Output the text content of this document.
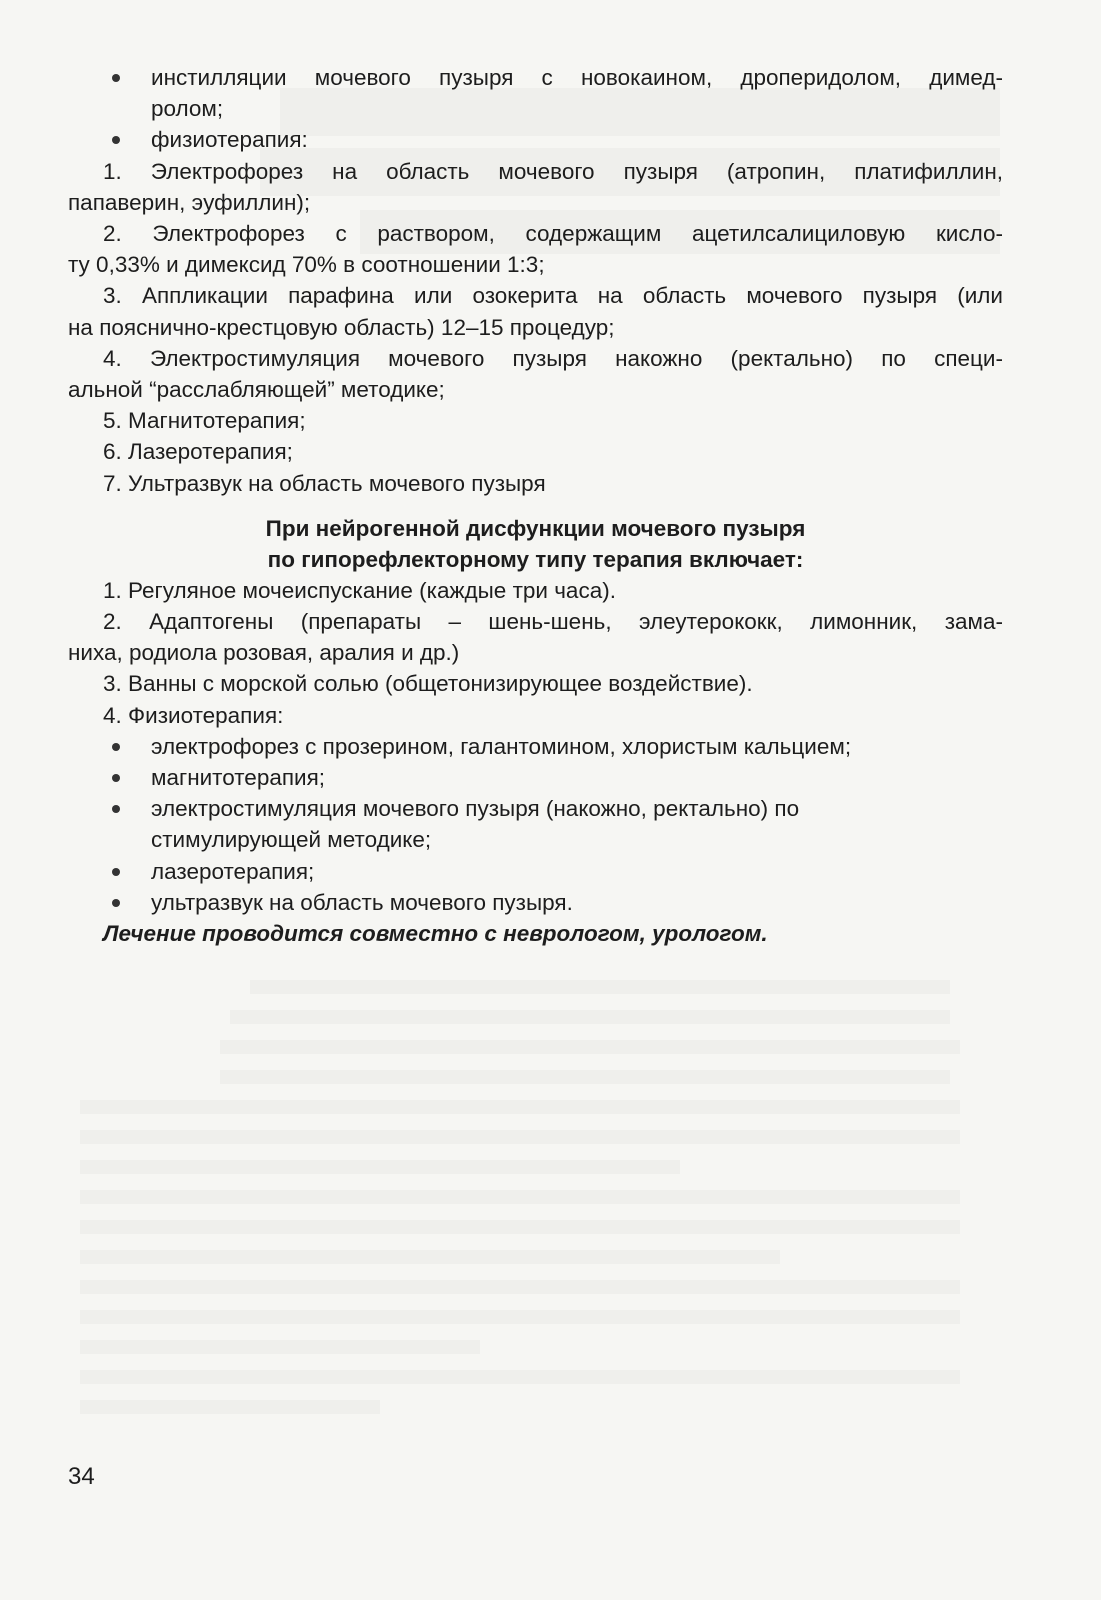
инстилляции мочевого пузыря с новокаином, дроперидолом, димед-
ролом;
физиотерапия:
1. Электрофорез на область мочевого пузыря (атропин, платифиллин,
папаверин, эуфиллин);
2. Электрофорез с раствором, содержащим ацетилсалициловую кисло-
ту 0,33% и димексид 70% в соотношении 1:3;
3. Аппликации парафина или озокерита на область мочевого пузыря (или
на пояснично-крестцовую область) 12–15 процедур;
4. Электростимуляция мочевого пузыря накожно (ректально) по специ-
альной “расслабляющей” методике;
5. Магнитотерапия;
6. Лазеротерапия;
7. Ультразвук на область мочевого пузыря
При нейрогенной дисфункции мочевого пузыря
по гипорефлекторному типу терапия включает:
1. Регуляное мочеиспускание (каждые три часа).
2. Адаптогены (препараты – шень-шень, элеутерококк, лимонник, зама-
ниха, родиола розовая, аралия и др.)
3. Ванны с морской солью (общетонизирующее воздействие).
4. Физиотерапия:
электрофорез с прозерином, галантомином, хлористым кальцием;
магнитотерапия;
электростимуляция мочевого пузыря (накожно, ректально) по
стимулирующей методике;
лазеротерапия;
ультразвук на область мочевого пузыря.
Лечение проводится совместно с неврологом, урологом.
34
